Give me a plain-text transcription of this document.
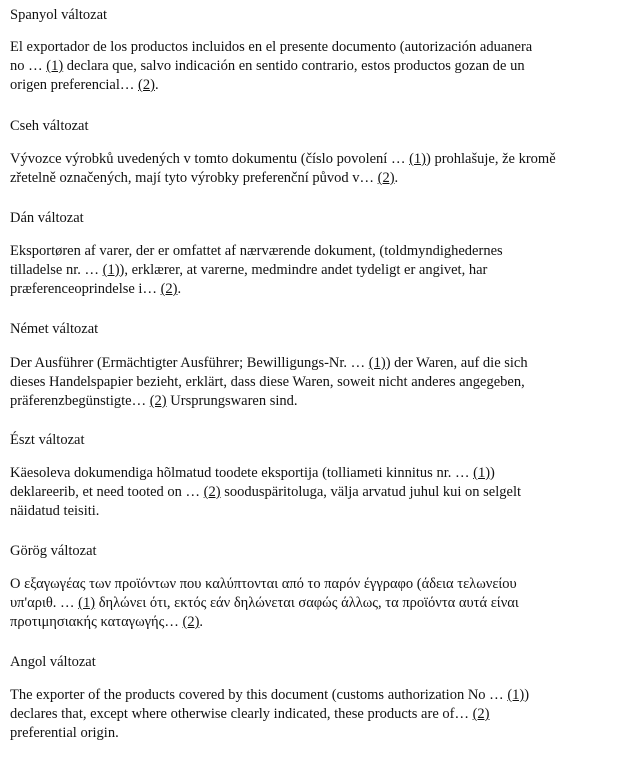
Spanyol változat
El exportador de los productos incluidos en el presente documento (autorización aduanera
no … (1) declara que, salvo indicación en sentido contrario, estos productos gozan de un
origen preferencial… (2).
Cseh változat
Vývozce výrobků uvedených v tomto dokumentu (číslo povolení … (1)) prohlašuje, že kromě
zřetelně označených, mají tyto výrobky preferenční původ v… (2).
Dán változat
Eksportøren af varer, der er omfattet af nærværende dokument, (toldmyndighedernes
tilladelse nr. … (1)), erklærer, at varerne, medmindre andet tydeligt er angivet, har
præferenceoprindelse i… (2).
Német változat
Der Ausführer (Ermächtigter Ausführer; Bewilligungs-Nr. … (1)) der Waren, auf die sich
dieses Handelspapier bezieht, erklärt, dass diese Waren, soweit nicht anderes angegeben,
präferenzbegünstigte… (2) Ursprungswaren sind.
Észt változat
Käesoleva dokumendiga hõlmatud toodete eksportija (tolliameti kinnitus nr. … (1))
deklareerib, et need tooted on … (2) sooduspäritoluga, välja arvatud juhul kui on selgelt
näidatud teisiti.
Görög változat
Ο εξαγωγέας των προϊόντων που καλύπτονται από το παρόν έγγραφο (άδεια τελωνείου
υπ'αριθ. … (1) δηλώνει ότι, εκτός εάν δηλώνεται σαφώς άλλως, τα προϊόντα αυτά είναι
προτιμησιακής καταγωγής… (2).
Angol változat
The exporter of the products covered by this document (customs authorization No … (1))
declares that, except where otherwise clearly indicated, these products are of… (2)
preferential origin.
